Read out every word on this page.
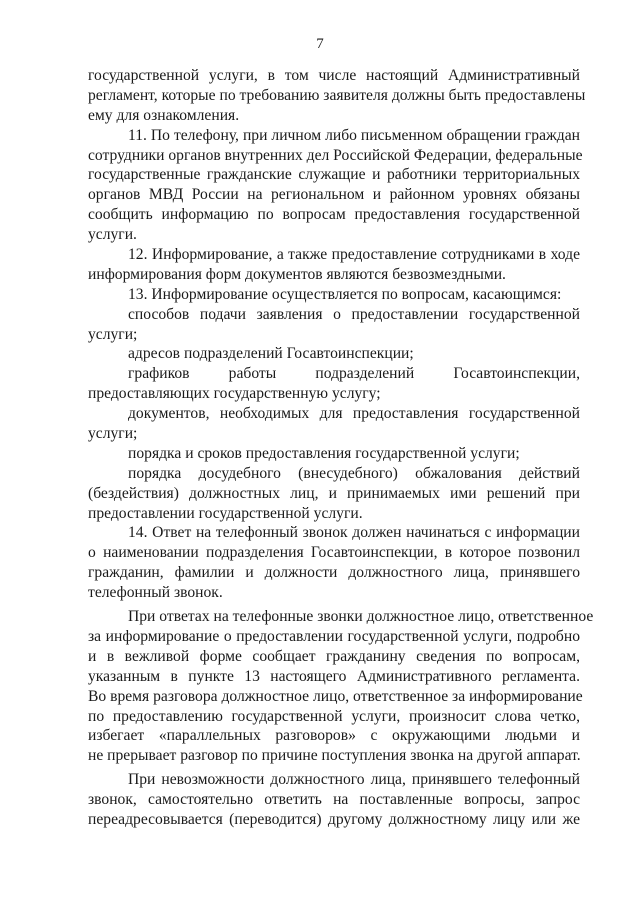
7
государственной услуги, в том числе настоящий Административный
регламент, которые по требованию заявителя должны быть предоставлены
ему для ознакомления.
11. По телефону, при личном либо письменном обращении граждан
сотрудники органов внутренних дел Российской Федерации, федеральные
государственные гражданские служащие и работники территориальных
органов МВД России на региональном и районном уровнях обязаны
сообщить информацию по вопросам предоставления государственной
услуги.
12. Информирование, а также предоставление сотрудниками в ходе
информирования форм документов являются безвозмездными.
13. Информирование осуществляется по вопросам, касающимся:
способов подачи заявления о предоставлении государственной
услуги;
адресов подразделений Госавтоинспекции;
графиков работы подразделений Госавтоинспекции,
предоставляющих государственную услугу;
документов, необходимых для предоставления государственной
услуги;
порядка и сроков предоставления государственной услуги;
порядка досудебного (внесудебного) обжалования действий
(бездействия) должностных лиц, и принимаемых ими решений при
предоставлении государственной услуги.
14. Ответ на телефонный звонок должен начинаться с информации
о наименовании подразделения Госавтоинспекции, в которое позвонил
гражданин, фамилии и должности должностного лица, принявшего
телефонный звонок.
При ответах на телефонные звонки должностное лицо, ответственное
за информирование о предоставлении государственной услуги, подробно
и в вежливой форме сообщает гражданину сведения по вопросам,
указанным в пункте 13 настоящего Административного регламента.
Во время разговора должностное лицо, ответственное за информирование
по предоставлению государственной услуги, произносит слова четко,
избегает «параллельных разговоров» с окружающими людьми и
не прерывает разговор по причине поступления звонка на другой аппарат.
При невозможности должностного лица, принявшего телефонный
звонок, самостоятельно ответить на поставленные вопросы, запрос
переадресовывается (переводится) другому должностному лицу или же
